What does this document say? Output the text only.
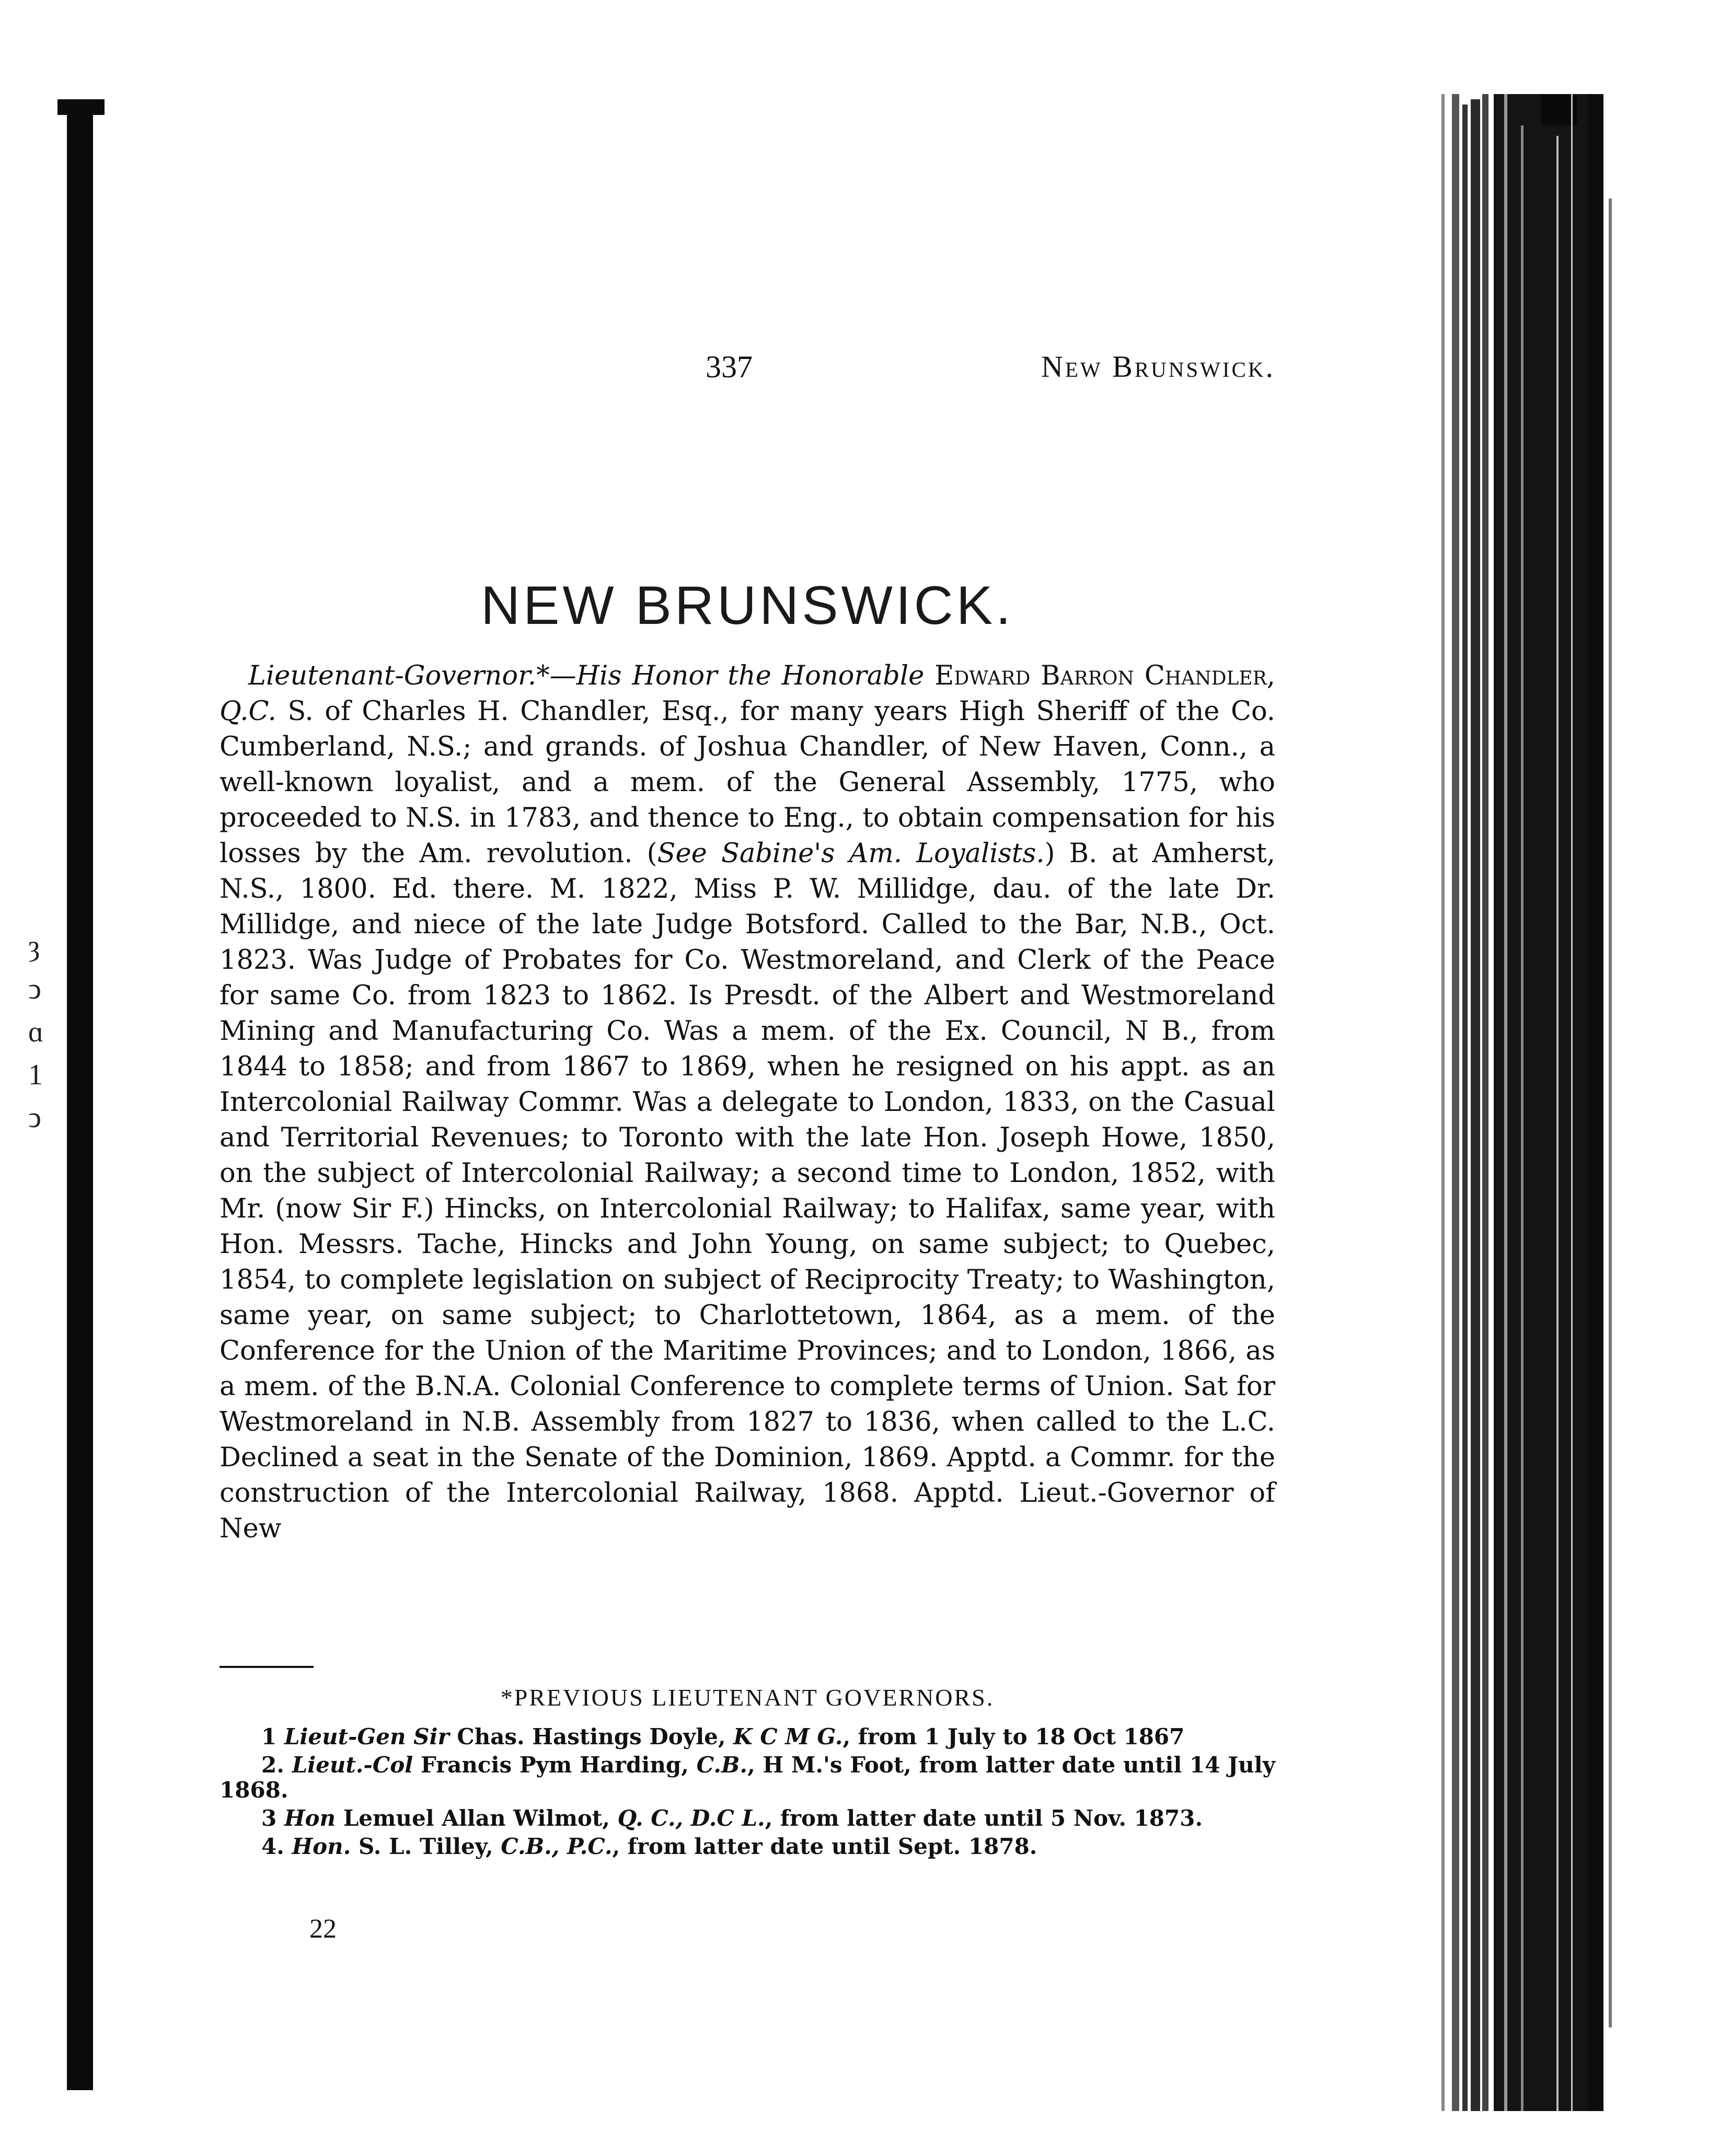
ȝ
ↄ
ɑ
1
ↄ
337	New Brunswick.
NEW BRUNSWICK.

Lieutenant-Governor.*—His Honor the Honorable Edward Barron Chandler, Q.C. S. of Charles H. Chandler, Esq., for many years High Sheriff of the Co. Cumberland, N.S.; and grands. of Joshua Chandler, of New Haven, Conn., a well-known loyalist, and a mem. of the General Assembly, 1775, who proceeded to N.S. in 1783, and thence to Eng., to obtain compensation for his losses by the Am. revolution. (See Sabine's Am. Loyalists.) B. at Amherst, N.S., 1800. Ed. there. M. 1822, Miss P. W. Millidge, dau. of the late Dr. Millidge, and niece of the late Judge Botsford. Called to the Bar, N.B., Oct. 1823. Was Judge of Probates for Co. Westmoreland, and Clerk of the Peace for same Co. from 1823 to 1862. Is Presdt. of the Albert and Westmoreland Mining and Manufacturing Co. Was a mem. of the Ex. Council, N B., from 1844 to 1858; and from 1867 to 1869, when he resigned on his appt. as an Intercolonial Railway Commr. Was a delegate to London, 1833, on the Casual and Territorial Revenues; to Toronto with the late Hon. Joseph Howe, 1850, on the subject of Intercolonial Railway; a second time to London, 1852, with Mr. (now Sir F.) Hincks, on Intercolonial Railway; to Halifax, same year, with Hon. Messrs. Tache, Hincks and John Young, on same subject; to Quebec, 1854, to complete legislation on subject of Reciprocity Treaty; to Washington, same year, on same subject; to Charlottetown, 1864, as a mem. of the Conference for the Union of the Maritime Provinces; and to London, 1866, as a mem. of the B.N.A. Colonial Conference to complete terms of Union. Sat for Westmoreland in N.B. Assembly from 1827 to 1836, when called to the L.C. Declined a seat in the Senate of the Dominion, 1869. Apptd. a Commr. for the construction of the Intercolonial Railway, 1868. Apptd. Lieut.-Governor of New

*PREVIOUS LIEUTENANT GOVERNORS.
1 Lieut-Gen Sir Chas. Hastings Doyle, K C M G., from 1 July to 18 Oct 1867
2. Lieut.-Col Francis Pym Harding, C.B., H M.'s Foot, from latter date until 14 July 1868.
3 Hon Lemuel Allan Wilmot, Q. C., D.C L., from latter date until 5 Nov. 1873.
4. Hon. S. L. Tilley, C.B., P.C., from latter date until Sept. 1878.
22
